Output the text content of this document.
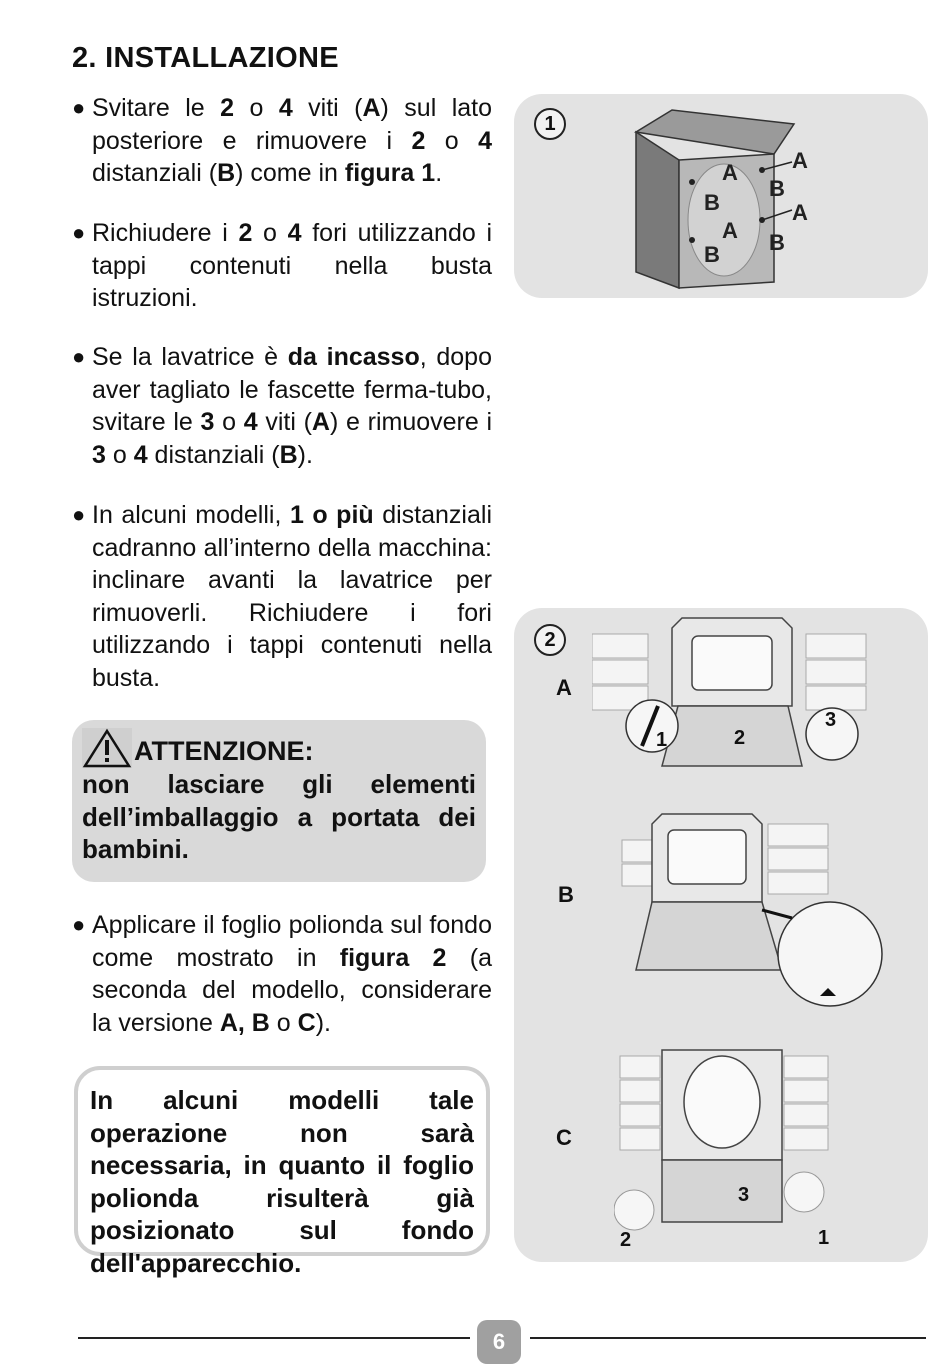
2. INSTALLAZIONE
● Svitare le 2 o 4 viti (A) sul lato posteriore e rimuovere i 2 o 4 distanziali (B) come in figura 1.
● Richiudere i 2 o 4 fori utilizzando i tappi contenuti nella busta istruzioni.
● Se la lavatrice è da incasso, dopo aver tagliato le fascette ferma-tubo, svitare le 3 o 4 viti (A) e rimuovere i 3 o 4 distanziali (B).
● In alcuni modelli, 1 o più distanziali cadranno all’interno della macchina: inclinare avanti la lavatrice per rimuoverli. Richiudere i fori utilizzando i tappi contenuti nella busta.
ATTENZIONE:
non lasciare gli elementi dell’imballaggio a portata dei bambini.
● Applicare il foglio polionda sul fondo come mostrato in figura 2 (a seconda del modello, considerare la versione A, B o C).
In alcuni modelli tale operazione non sarà necessaria, in quanto il foglio polionda risulterà già posizionato sul fondo dell'apparecchio.
1
A
B
A
B
A
B
A
B
2
A
B
C
1	2
3
2
3
1
6
